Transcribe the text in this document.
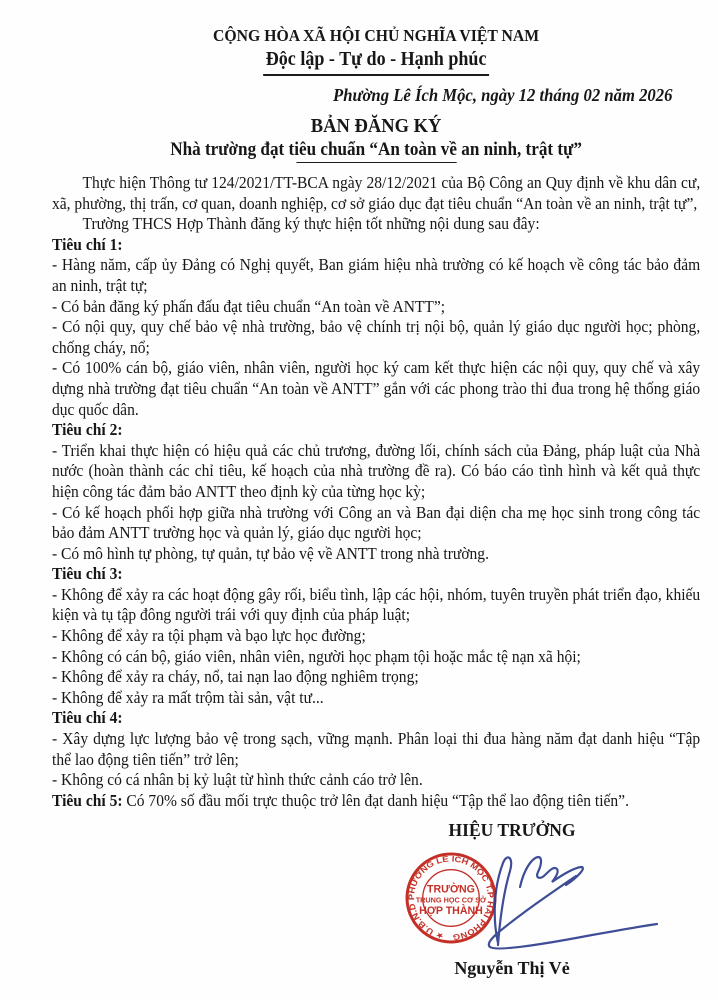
CỘNG HÒA XÃ HỘI CHỦ NGHĨA VIỆT NAM
Độc lập - Tự do - Hạnh phúc
Phường Lê Ích Mộc, ngày 12 tháng 02 năm 2026
BẢN ĐĂNG KÝ
Nhà trường đạt tiêu chuẩn “An toàn về an ninh, trật tự”

Thực hiện Thông tư 124/2021/TT-BCA ngày 28/12/2021 của Bộ Công an Quy định về khu dân cư, xã, phường, thị trấn, cơ quan, doanh nghiệp, cơ sở giáo dục đạt tiêu chuẩn “An toàn về an ninh, trật tự”,

Trường THCS Hợp Thành đăng ký thực hiện tốt những nội dung sau đây:

Tiêu chí 1:

- Hàng năm, cấp ủy Đảng có Nghị quyết, Ban giám hiệu nhà trường có kế hoạch về công tác bảo đảm an ninh, trật tự;

- Có bản đăng ký phấn đấu đạt tiêu chuẩn “An toàn về ANTT”;

- Có nội quy, quy chế bảo vệ nhà trường, bảo vệ chính trị nội bộ, quản lý giáo dục người học; phòng, chống cháy, nổ;

- Có 100% cán bộ, giáo viên, nhân viên, người học ký cam kết thực hiện các nội quy, quy chế và xây dựng nhà trường đạt tiêu chuẩn “An toàn về ANTT” gắn với các phong trào thi đua trong hệ thống giáo dục quốc dân.

Tiêu chí 2:

- Triển khai thực hiện có hiệu quả các chủ trương, đường lối, chính sách của Đảng, pháp luật của Nhà nước (hoàn thành các chỉ tiêu, kế hoạch của nhà trường đề ra). Có báo cáo tình hình và kết quả thực hiện công tác đảm bảo ANTT theo định kỳ của từng học kỳ;

- Có kế hoạch phối hợp giữa nhà trường với Công an và Ban đại diện cha mẹ học sinh trong công tác bảo đảm ANTT trường học và quản lý, giáo dục người học;

- Có mô hình tự phòng, tự quản, tự bảo vệ về ANTT trong nhà trường.

Tiêu chí 3:

- Không để xảy ra các hoạt động gây rối, biểu tình, lập các hội, nhóm, tuyên truyền phát triển đạo, khiếu kiện và tụ tập đông người trái với quy định của pháp luật;

- Không để xảy ra tội phạm và bạo lực học đường;

- Không có cán bộ, giáo viên, nhân viên, người học phạm tội hoặc mắc tệ nạn xã hội;

- Không để xảy ra cháy, nổ, tai nạn lao động nghiêm trọng;

- Không để xảy ra mất trộm tài sản, vật tư...

Tiêu chí 4:

- Xây dựng lực lượng bảo vệ trong sạch, vững mạnh. Phân loại thi đua hàng năm đạt danh hiệu “Tập thể lao động tiên tiến” trở lên;

- Không có cá nhân bị kỷ luật từ hình thức cảnh cáo trở lên.

Tiêu chí 5: Có 70% số đầu mối trực thuộc trở lên đạt danh hiệu “Tập thể lao động tiên tiến”.

HIỆU TRƯỞNG
★ U.B.N.D PHƯỜNG LÊ ÍCH MỘC T.P HẢI PHÒNG
TRƯỜNG
TRUNG HỌC CƠ SỞ
HỢP THÀNH
Nguyễn Thị Vẻ
